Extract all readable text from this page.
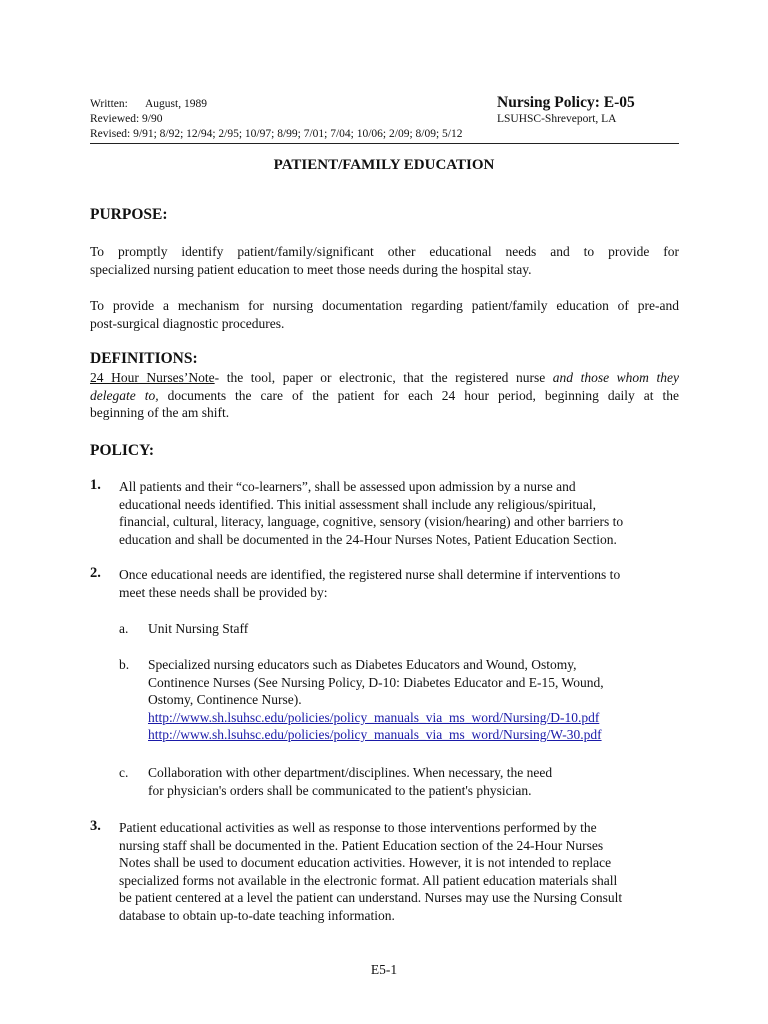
Written: August, 1989
Reviewed: 9/90
Revised: 9/91; 8/92; 12/94; 2/95; 10/97; 8/99; 7/01; 7/04; 10/06; 2/09; 8/09; 5/12
Nursing Policy: E-05
LSUHSC-Shreveport, LA
PATIENT/FAMILY EDUCATION
PURPOSE:
To promptly identify patient/family/significant other educational needs and to provide for
specialized nursing patient education to meet those needs during the hospital stay.
To provide a mechanism for nursing documentation regarding patient/family education of pre-and
post-surgical diagnostic procedures.
DEFINITIONS:
24 Hour Nurses’Note- the tool, paper or electronic, that the registered nurse and those whom they
delegate to, documents the care of the patient for each 24 hour period, beginning daily at the
beginning of the am shift.
POLICY:
1. All patients and their “co-learners”, shall be assessed upon admission by a nurse and
educational needs identified. This initial assessment shall include any religious/spiritual,
financial, cultural, literacy, language, cognitive, sensory (vision/hearing) and other barriers to
education and shall be documented in the 24-Hour Nurses Notes, Patient Education Section.
2. Once educational needs are identified, the registered nurse shall determine if interventions to
meet these needs shall be provided by:
a. Unit Nursing Staff
b. Specialized nursing educators such as Diabetes Educators and Wound, Ostomy,
Continence Nurses (See Nursing Policy, D-10: Diabetes Educator and E-15, Wound,
Ostomy, Continence Nurse).
http://www.sh.lsuhsc.edu/policies/policy_manuals_via_ms_word/Nursing/D-10.pdf
http://www.sh.lsuhsc.edu/policies/policy_manuals_via_ms_word/Nursing/W-30.pdf
c. Collaboration with other department/disciplines. When necessary, the need
for physician's orders shall be communicated to the patient's physician.
3. Patient educational activities as well as response to those interventions performed by the
nursing staff shall be documented in the. Patient Education section of the 24-Hour Nurses
Notes shall be used to document education activities. However, it is not intended to replace
specialized forms not available in the electronic format. All patient education materials shall
be patient centered at a level the patient can understand. Nurses may use the Nursing Consult
database to obtain up-to-date teaching information.
E5-1
